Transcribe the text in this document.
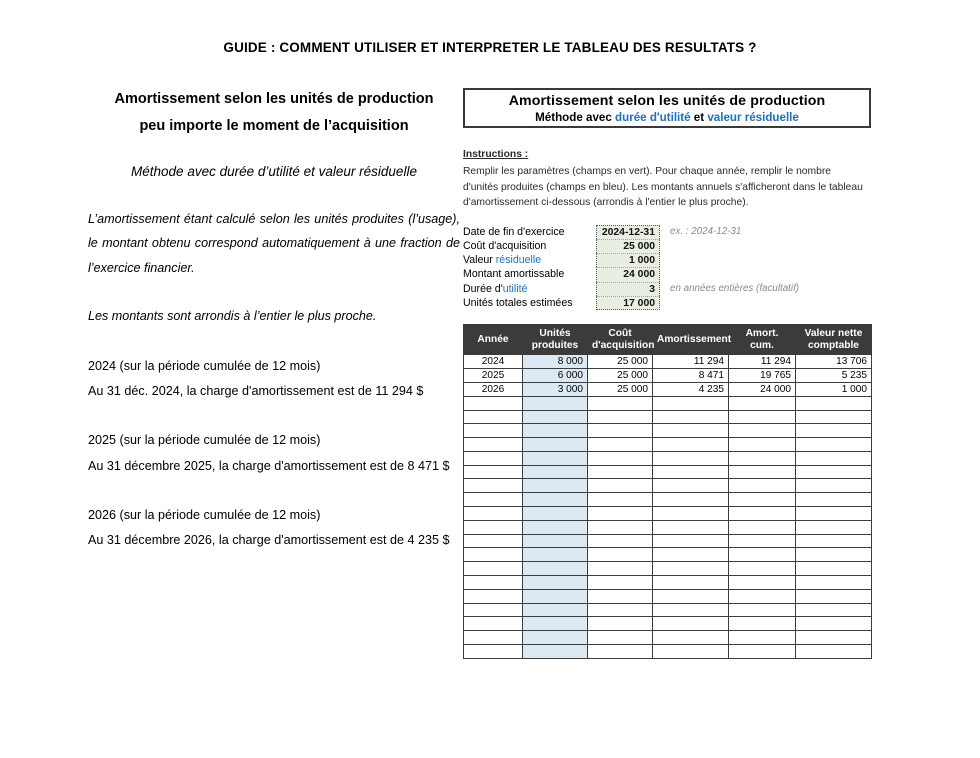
GUIDE : COMMENT UTILISER ET INTERPRETER LE TABLEAU DES RESULTATS ?
Amortissement selon les unités de production
peu importe le moment de l’acquisition
Méthode avec durée d’utilité et valeur résiduelle
L’amortissement étant calculé selon les unités produites (l’usage), le montant obtenu correspond automatiquement à une fraction de l’exercice financier.
Les montants sont arrondis à l’entier le plus proche.
2024 (sur la période cumulée de 12 mois)
Au 31 déc. 2024, la charge d'amortissement est de 11 294 $
2025 (sur la période cumulée de 12 mois)
Au 31 décembre 2025, la charge d'amortissement est de 8 471 $
2026 (sur la période cumulée de 12 mois)
Au 31 décembre 2026, la charge d'amortissement est de 4 235 $
Amortissement selon les unités de production
Méthode avec durée d'utilité et valeur résiduelle
Instructions :
Remplir les paramètres (champs en vert). Pour chaque année, remplir le nombre d'unités produites (champs en bleu). Les montants annuels s'afficheront dans le tableau d'amortissement ci-dessous (arrondis à l'entier le plus proche).
Date de fin d'exercice	2024-12-31	ex. : 2024-12-31
Coût d'acquisition	25 000
Valeur résiduelle	1 000
Montant amortissable	24 000
Durée d'utilité	3	en années entières (facultatif)
Unités totales estimées	17 000
Année	Unités produites	Coût d'acquisition	Amortissement	Amort. cum.	Valeur nette comptable
2024	8 000	25 000	11 294	11 294	13 706
2025	6 000	25 000	8 471	19 765	5 235
2026	3 000	25 000	4 235	24 000	1 000
